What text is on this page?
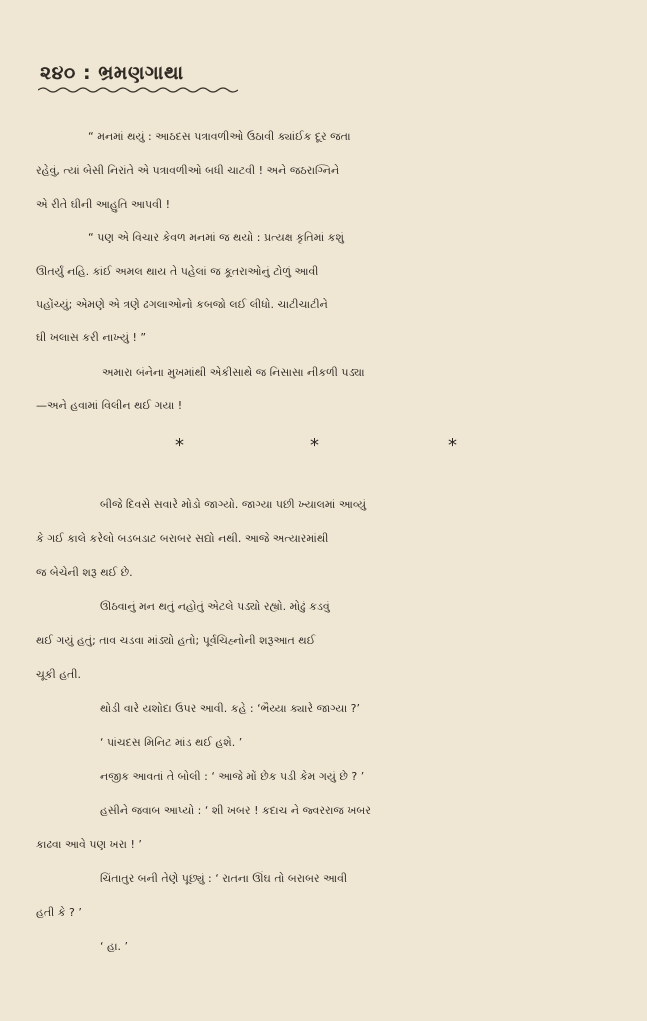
૨૪૦ : ભ્રમણગાથા
“ મનમાં થયું : આઠદસ પત્રાવળીઓ ઉઠાવી ક્યાંઈક દૂર જતા
રહેવું, ત્યાં બેસી નિરાંતે એ પત્રાવળીઓ બધી ચાટવી ! અને જઠરાગ્નિને
એ રીતે ઘીની આહુતિ આપવી !
“ પણ એ વિચાર કેવળ મનમાં જ થયો : પ્રત્યક્ષ કૃતિમાં કશું
ઊતર્યું નહિ. કાંઈ અમલ થાય તે પહેલાં જ કૂતરાઓનું ટોળું આવી
પહોંચ્યું; એમણે એ ત્રણે ઢગલાઓનો કબજો લઈ લીધો. ચાટીચાટીને
ઘી ખલાસ કરી નાખ્યું ! ”
અમારા બંનેના મુખમાંથી એકીસાથે જ નિસાસા નીકળી પડ્યા
*	*	*
—અને હવામાં વિલીન થઈ ગયા !
બીજે દિવસે સવારે મોડો જાગ્યો. જાગ્યા પછી ખ્યાલમાં આવ્યું
કે ગઈ કાલે કરેલો બડબડાટ બરાબર સદ્યો નથી. આજે અત્યારમાંથી
જ બેચેની શરૂ થઈ છે.
ઊઠવાનું મન થતું નહોતું એટલે પડ્યો રહ્યો. મોઢું કડવું
થઈ ગયું હતું; તાવ ચડવા માંડ્યો હતો; પૂર્વચિહ્નોની શરૂઆત થઈ
ચૂકી હતી.
થોડી વારે યશોદા ઉપર આવી. કહે : ‘ભૈય્યા ક્યારે જાગ્યા ?’
‘ પાંચદસ મિનિટ માંડ થઈ હશે. ’
નજીક આવતાં તે બોલી : ‘ આજે મોં છેક પડી કેમ ગયું છે ? ’
હસીને જવાબ આપ્યો : ‘ શી ખબર ! કદાચ ને જ્વરરાજ ખબર
કાઢવા આવે પણ ખરા ! ’
ચિંતાતુર બની તેણે પૂછ્યું : ‘ રાતના ઊંઘ તો બરાબર આવી
હતી કે ? ’
‘ હા. ’
